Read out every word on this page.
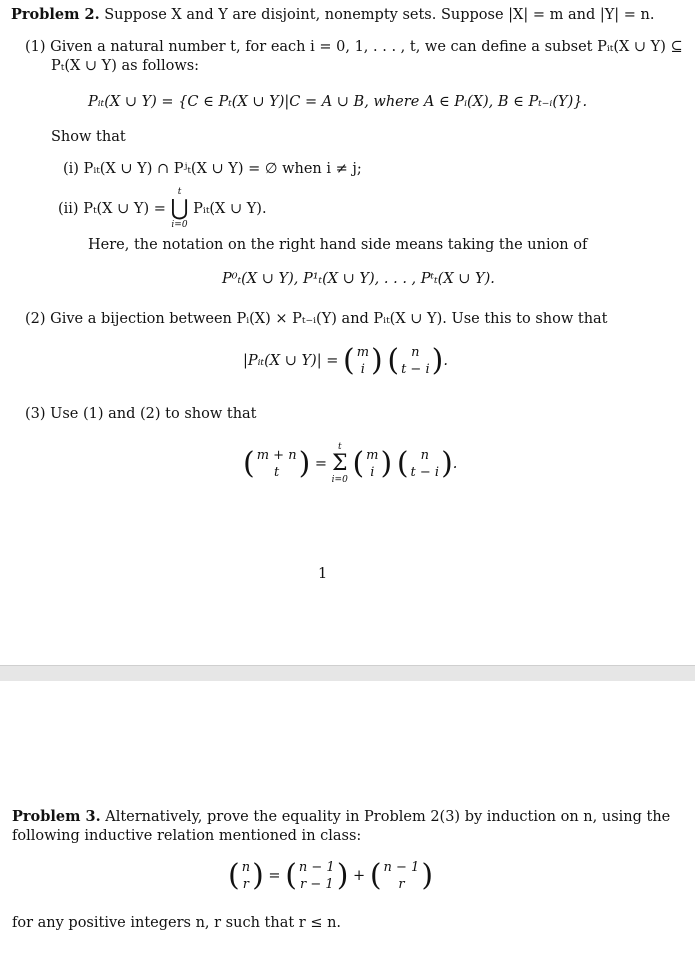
Problem 2. Suppose X and Y are disjoint, nonempty sets. Suppose |X| = m and |Y| = n.
(1) Given a natural number t, for each i = 0, 1, . . . , t, we can define a subset Pᵢₜ(X ∪ Y) ⊆
Pₜ(X ∪ Y) as follows:
Pᵢₜ(X ∪ Y) = {C ∈ Pₜ(X ∪ Y)|C = A ∪ B, where A ∈ Pᵢ(X), B ∈ Pₜ₋ᵢ(Y)}.
Show that
(i) Pᵢₜ(X ∪ Y) ∩ Pʲₜ(X ∪ Y) = ∅ when i ≠ j;
(ii) Pₜ(X ∪ Y) =
t
⋃
i=0
Pᵢₜ(X ∪ Y).
Here, the notation on the right hand side means taking the union of
P⁰ₜ(X ∪ Y), P¹ₜ(X ∪ Y), . . . , Pᵗₜ(X ∪ Y).
(2) Give a bijection between Pᵢ(X) × Pₜ₋ᵢ(Y) and Pᵢₜ(X ∪ Y). Use this to show that
|Pᵢₜ(X ∪ Y)| = ( m
i )
( n
t − i ) .
(3) Use (1) and (2) to show that
( m + n
t ) =
t
Σ
i=0
( m
i )
( n
t − i ) .
1
Problem 3. Alternatively, prove the equality in Problem 2(3) by induction on n, using the
following inductive relation mentioned in class:
( n
r ) = ( n − 1
r − 1 ) + ( n − 1
r )
for any positive integers n, r such that r ≤ n.
